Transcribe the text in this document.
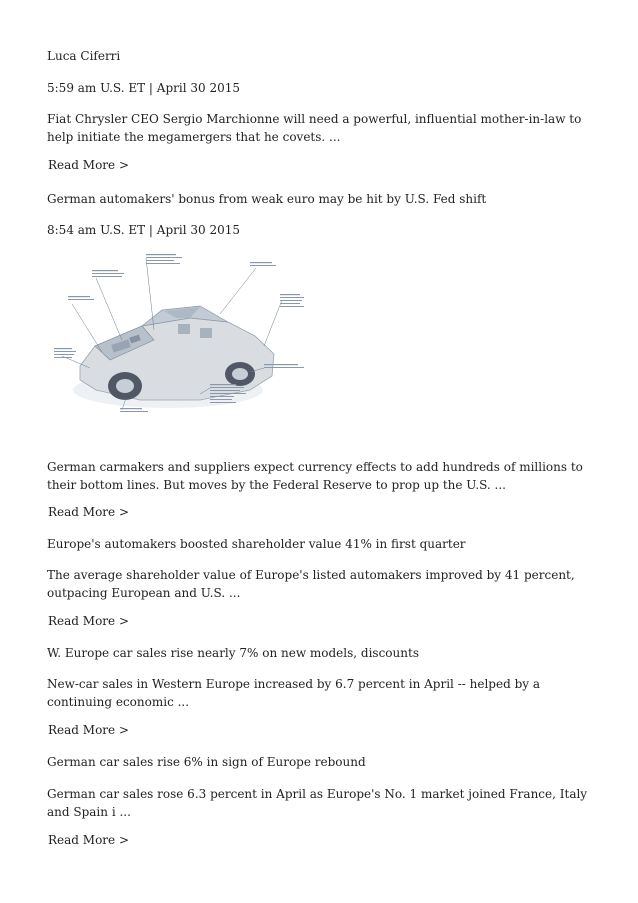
Luca Ciferri
5:59 am U.S. ET | April 30 2015
Fiat Chrysler CEO Sergio Marchionne will need a powerful, influential mother-in-law to help initiate the megamergers that he covets. ...
Read More >
German automakers' bonus from weak euro may be hit by U.S. Fed shift
8:54 am U.S. ET | April 30 2015
German carmakers and suppliers expect currency effects to add hundreds of millions to their bottom lines. But moves by the Federal Reserve to prop up the U.S. ...
Read More >
Europe's automakers boosted shareholder value 41% in first quarter
The average shareholder value of Europe's listed automakers improved by 41 percent, outpacing European and U.S. ...
Read More >
W. Europe car sales rise nearly 7% on new models, discounts
New-car sales in Western Europe increased by 6.7 percent in April -- helped by a continuing economic ...
Read More >
German car sales rise 6% in sign of Europe rebound
German car sales rose 6.3 percent in April as Europe's No. 1 market joined France, Italy and Spain i ...
Read More >
